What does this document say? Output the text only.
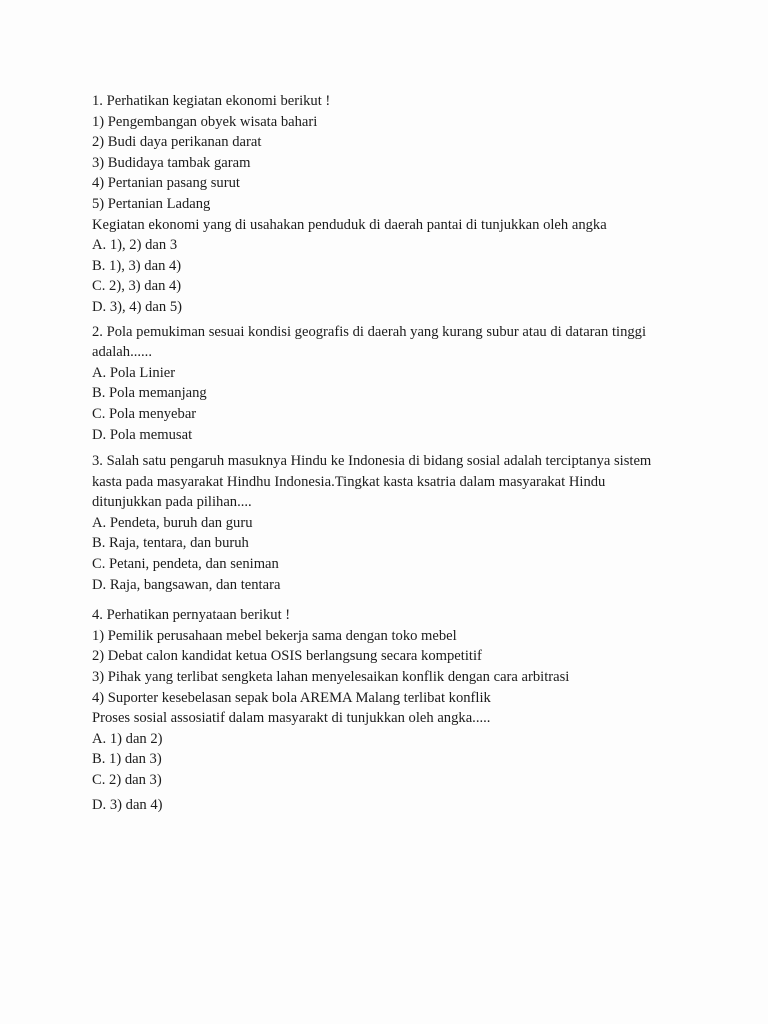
1. Perhatikan kegiatan ekonomi berikut !
1) Pengembangan obyek wisata bahari
2) Budi daya perikanan darat
3) Budidaya tambak garam
4) Pertanian pasang surut
5) Pertanian Ladang
Kegiatan ekonomi yang di usahakan penduduk di daerah pantai di tunjukkan oleh angka
A. 1), 2) dan 3
B. 1), 3) dan 4)
C. 2), 3) dan 4)
D. 3), 4) dan 5)
2. Pola pemukiman sesuai kondisi geografis di daerah yang kurang subur atau di dataran tinggi
adalah......
A. Pola Linier
B. Pola memanjang
C. Pola menyebar
D. Pola memusat
3. Salah satu pengaruh masuknya Hindu ke Indonesia di bidang sosial adalah terciptanya sistem
kasta pada masyarakat Hindhu Indonesia.Tingkat kasta ksatria dalam masyarakat Hindu
ditunjukkan pada pilihan....
A. Pendeta, buruh dan guru
B. Raja, tentara, dan buruh
C. Petani, pendeta, dan seniman
D. Raja, bangsawan, dan tentara
4. Perhatikan pernyataan berikut !
1) Pemilik perusahaan mebel bekerja sama dengan toko mebel
2) Debat calon kandidat ketua OSIS berlangsung secara kompetitif
3) Pihak yang terlibat sengketa lahan menyelesaikan konflik dengan cara arbitrasi
4) Suporter kesebelasan sepak bola AREMA Malang terlibat konflik
Proses sosial assosiatif dalam masyarakt di tunjukkan oleh angka.....
A. 1) dan 2)
B. 1) dan 3)
C. 2) dan 3)
D. 3) dan 4)
